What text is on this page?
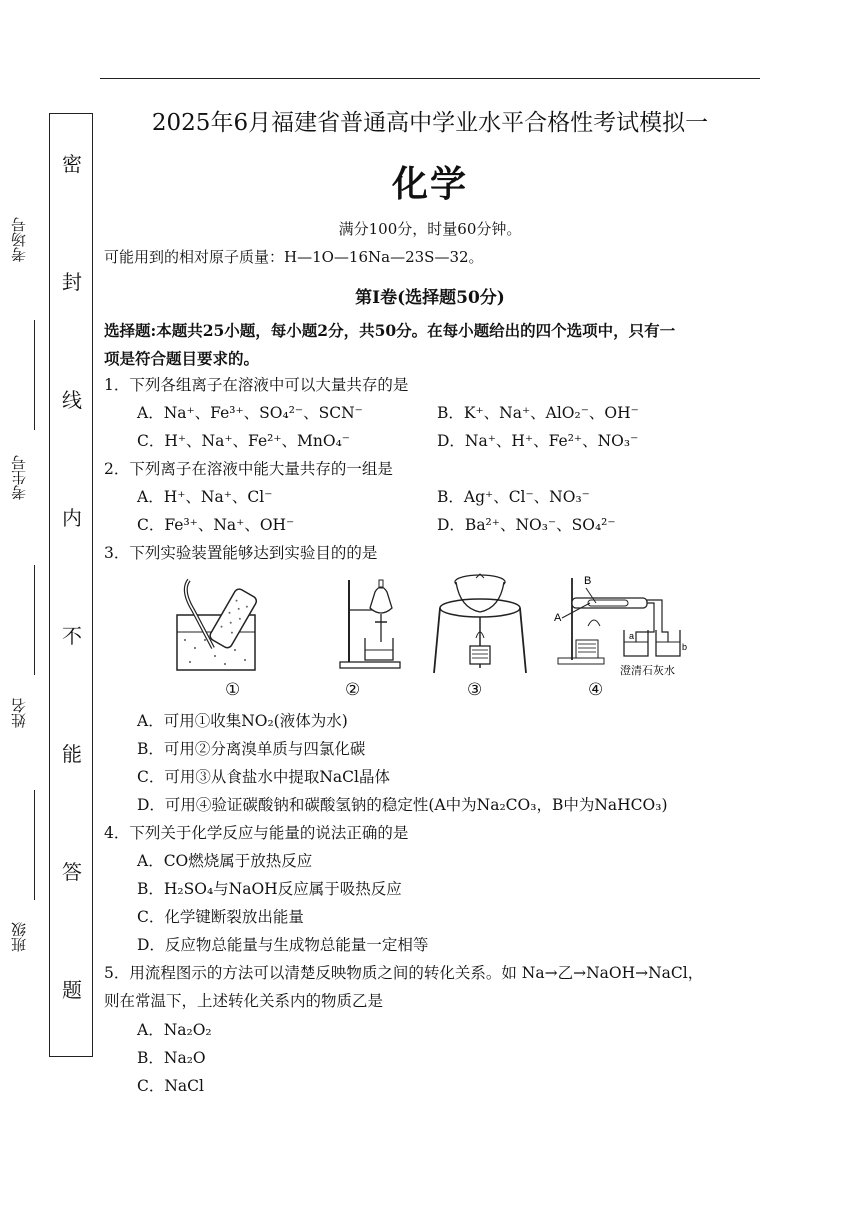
考场号
考生号
姓名
班级
密
封
线
内
不
能
答
题
2025年6月福建省普通高中学业水平合格性考试模拟一
化学
满分100分，时量60分钟。
可能用到的相对原子质量：H—1O—16Na—23S—32。
第Ⅰ卷(选择题50分)
选择题:本题共25小题，每小题2分，共50分。在每小题给出的四个选项中，只有一
项是符合题目要求的。
1．下列各组离子在溶液中可以大量共存的是
A．Na⁺、Fe³⁺、SO₄²⁻、SCN⁻	B．K⁺、Na⁺、AlO₂⁻、OH⁻
C．H⁺、Na⁺、Fe²⁺、MnO₄⁻	D．Na⁺、H⁺、Fe²⁺、NO₃⁻
2．下列离子在溶液中能大量共存的一组是
A．H⁺、Na⁺、Cl⁻	B．Ag⁺、Cl⁻、NO₃⁻
C．Fe³⁺、Na⁺、OH⁻	D．Ba²⁺、NO₃⁻、SO₄²⁻
3．下列实验装置能够达到实验目的的是
B
A
a
b
澄清石灰水
①	②	③	④
A．可用①收集NO₂(液体为水)
B．可用②分离溴单质与四氯化碳
C．可用③从食盐水中提取NaCl晶体
D．可用④验证碳酸钠和碳酸氢钠的稳定性(A中为Na₂CO₃，B中为NaHCO₃)
4．下列关于化学反应与能量的说法正确的是
A．CO燃烧属于放热反应
B．H₂SO₄与NaOH反应属于吸热反应
C．化学键断裂放出能量
D．反应物总能量与生成物总能量一定相等
5．用流程图示的方法可以清楚反映物质之间的转化关系。如 Na→乙→NaOH→NaCl，
则在常温下，上述转化关系内的物质乙是
A．Na₂O₂
B．Na₂O
C．NaCl
